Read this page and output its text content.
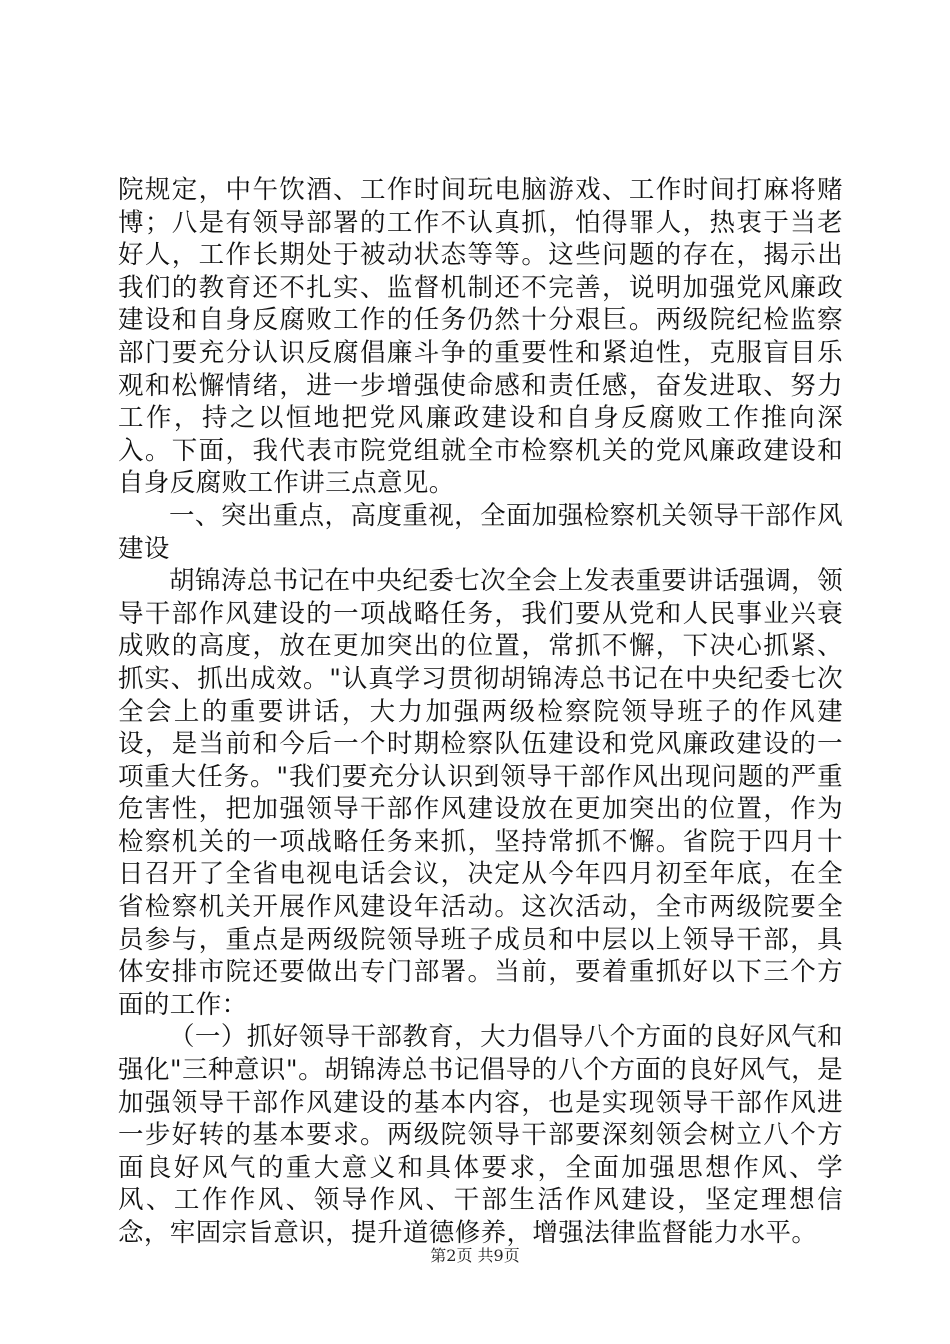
院规定，中午饮酒、工作时间玩电脑游戏、工作时间打麻将赌博；八是有领导部署的工作不认真抓，怕得罪人，热衷于当老好人，工作长期处于被动状态等等。这些问题的存在，揭示出我们的教育还不扎实、监督机制还不完善，说明加强党风廉政建设和自身反腐败工作的任务仍然十分艰巨。两级院纪检监察部门要充分认识反腐倡廉斗争的重要性和紧迫性，克服盲目乐观和松懈情绪，进一步增强使命感和责任感，奋发进取、努力工作，持之以恒地把党风廉政建设和自身反腐败工作推向深入。下面，我代表市院党组就全市检察机关的党风廉政建设和自身反腐败工作讲三点意见。

一、突出重点，高度重视，全面加强检察机关领导干部作风建设

胡锦涛总书记在中央纪委七次全会上发表重要讲话强调，领导干部作风建设的一项战略任务，我们要从党和人民事业兴衰成败的高度，放在更加突出的位置，常抓不懈，下决心抓紧、抓实、抓出成效。"认真学习贯彻胡锦涛总书记在中央纪委七次全会上的重要讲话，大力加强两级检察院领导班子的作风建设，是当前和今后一个时期检察队伍建设和党风廉政建设的一项重大任务。"我们要充分认识到领导干部作风出现问题的严重危害性，把加强领导干部作风建设放在更加突出的位置，作为检察机关的一项战略任务来抓，坚持常抓不懈。省院于四月十日召开了全省电视电话会议，决定从今年四月初至年底，在全省检察机关开展作风建设年活动。这次活动，全市两级院要全员参与，重点是两级院领导班子成员和中层以上领导干部，具体安排市院还要做出专门部署。当前，要着重抓好以下三个方面的工作：

（一）抓好领导干部教育，大力倡导八个方面的良好风气和强化"三种意识"。胡锦涛总书记倡导的八个方面的良好风气，是加强领导干部作风建设的基本内容，也是实现领导干部作风进一步好转的基本要求。两级院领导干部要深刻领会树立八个方面良好风气的重大意义和具体要求，全面加强思想作风、学风、工作作风、领导作风、干部生活作风建设，坚定理想信念，牢固宗旨意识，提升道德修养，增强法律监督能力水平。

第2页 共9页
